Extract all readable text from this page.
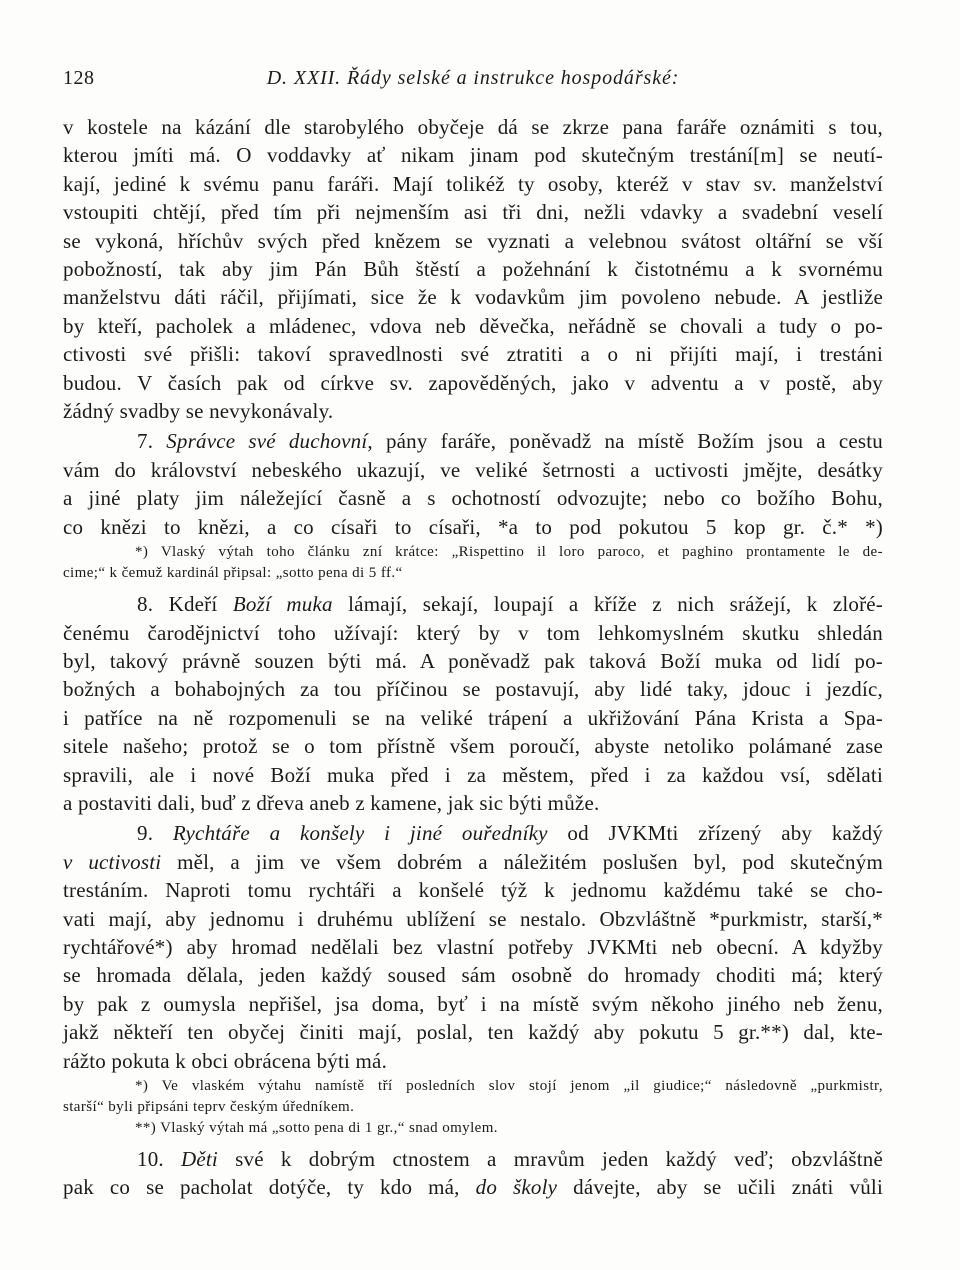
128	D. XXII. Řády selské a instrukce hospodářské:
v kostele na kázání dle starobylého obyčeje dá se zkrze pana faráře oznámiti s tou,
kterou jmíti má. O voddavky ať nikam jinam pod skutečným trestání[m] se neutí-
kají, jediné k svému panu faráři. Mají tolikéž ty osoby, kteréž v stav sv. manželství
vstoupiti chtějí, před tím při nejmenším asi tři dni, nežli vdavky a svadební veselí
se vykoná, hříchův svých před knězem se vyznati a velebnou svátost oltářní se vší
pobožností, tak aby jim Pán Bůh štěstí a požehnání k čistotnému a k svornému
manželstvu dáti ráčil, přijímati, sice že k vodavkům jim povoleno nebude. A jestliže
by kteří, pacholek a mládenec, vdova neb děvečka, neřádně se chovali a tudy o po-
ctivosti své přišli: takoví spravedlnosti své ztratiti a o ni přijíti mají, i trestáni
budou. V časích pak od církve sv. zapověděných, jako v adventu a v postě, aby
žádný svadby se nevykonávaly.
7. Správce své duchovní, pány faráře, poněvadž na místě Božím jsou a cestu
vám do království nebeského ukazují, ve veliké šetrnosti a uctivosti jmějte, desátky
a jiné platy jim náležející časně a s ochotností odvozujte; nebo co božího Bohu,
co knězi to knězi, a co císaři to císaři, *a to pod pokutou 5 kop gr. č.* *)
*) Vlaský výtah toho článku zní krátce: „Rispettino il loro paroco, et paghino prontamente le de-
cime;“ k čemuž kardinál připsal: „sotto pena di 5 ff.“
8. Kdeří Boží muka lámají, sekají, loupají a kříže z nich srážejí, k zlořé-
čenému čarodějnictví toho užívají: který by v tom lehkomyslném skutku shledán
byl, takový právně souzen býti má. A poněvadž pak taková Boží muka od lidí po-
božných a bohabojných za tou příčinou se postavují, aby lidé taky, jdouc i jezdíc,
i patříce na ně rozpomenuli se na veliké trápení a ukřižování Pána Krista a Spa-
sitele našeho; protož se o tom přístně všem poroučí, abyste netoliko polámané zase
spravili, ale i nové Boží muka před i za městem, před i za každou vsí, sdělati
a postaviti dali, buď z dřeva aneb z kamene, jak sic býti může.
9. Rychtáře a konšely i jiné ouředníky od JVKMti zřízený aby každý
v uctivosti měl, a jim ve všem dobrém a náležitém poslušen byl, pod skutečným
trestáním. Naproti tomu rychtáři a konšelé týž k jednomu každému také se cho-
vati mají, aby jednomu i druhému ublížení se nestalo. Obzvláštně *purkmistr, starší,*
rychtářové*) aby hromad nedělali bez vlastní potřeby JVKMti neb obecní. A kdyžby
se hromada dělala, jeden každý soused sám osobně do hromady choditi má; který
by pak z oumysla nepřišel, jsa doma, byť i na místě svým někoho jiného neb ženu,
jakž někteří ten obyčej činiti mají, poslal, ten každý aby pokutu 5 gr.**) dal, kte-
rážto pokuta k obci obrácena býti má.
*) Ve vlaském výtahu namístě tří posledních slov stojí jenom „il giudice;“ následovně „purkmistr,
starší“ byli připsáni teprv českým úředníkem.
**) Vlaský výtah má „sotto pena di 1 gr.,“ snad omylem.
10. Děti své k dobrým ctnostem a mravům jeden každý veď; obzvláštně
pak co se pacholat dotýče, ty kdo má, do školy dávejte, aby se učili znáti vůli
